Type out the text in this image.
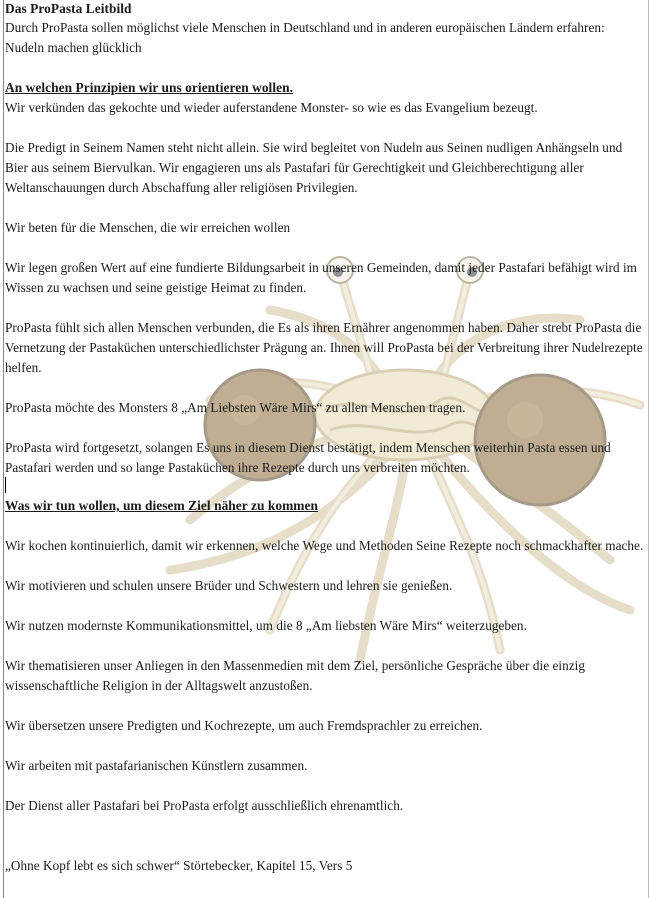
Das ProPasta Leitbild

Durch ProPasta sollen möglichst viele Menschen in Deutschland und in anderen europäischen Ländern erfahren: Nudeln machen glücklich

An welchen Prinzipien wir uns orientieren wollen.

Wir verkünden das gekochte und wieder auferstandene Monster- so wie es das Evangelium bezeugt.

Die Predigt in Seinem Namen steht nicht allein. Sie wird begleitet von Nudeln aus Seinen nudligen Anhängseln und Bier aus seinem Biervulkan. Wir engagieren uns als Pastafari für Gerechtigkeit und Gleichberechtigung aller Weltanschauungen durch Abschaffung aller religiösen Privilegien.

Wir beten für die Menschen, die wir erreichen wollen

Wir legen großen Wert auf eine fundierte Bildungsarbeit in unseren Gemeinden, damit jeder Pastafari befähigt wird im Wissen zu wachsen und seine geistige Heimat zu finden.

ProPasta fühlt sich allen Menschen verbunden, die Es als ihren Ernährer angenommen haben. Daher strebt ProPasta die Vernetzung der Pastaküchen unterschiedlichster Prägung an. Ihnen will ProPasta bei der Verbreitung ihrer Nudelrezepte helfen.

ProPasta möchte des Monsters 8 „Am Liebsten Wäre Mirs“ zu allen Menschen tragen.

ProPasta wird fortgesetzt, solangen Es uns in diesem Dienst bestätigt, indem Menschen weiterhin Pasta essen und Pastafari werden und so lange Pastaküchen ihre Rezepte durch uns verbreiten möchten.

Was wir tun wollen, um diesem Ziel näher zu kommen

Wir kochen kontinuierlich, damit wir erkennen, welche Wege und Methoden Seine Rezepte noch schmackhafter mache.

Wir motivieren und schulen unsere Brüder und Schwestern und lehren sie genießen.

Wir nutzen modernste Kommunikationsmittel, um die 8 „Am liebsten Wäre Mirs“ weiterzugeben.

Wir thematisieren unser Anliegen in den Massenmedien mit dem Ziel, persönliche Gespräche über die einzig wissenschaftliche Religion in der Alltagswelt anzustoßen.

Wir übersetzen unsere Predigten und Kochrezepte, um auch Fremdsprachler zu erreichen.

Wir arbeiten mit pastafarianischen Künstlern zusammen.

Der Dienst aller Pastafari bei ProPasta erfolgt ausschließlich ehrenamtlich.

„Ohne Kopf lebt es sich schwer“ Störtebecker, Kapitel 15, Vers 5
